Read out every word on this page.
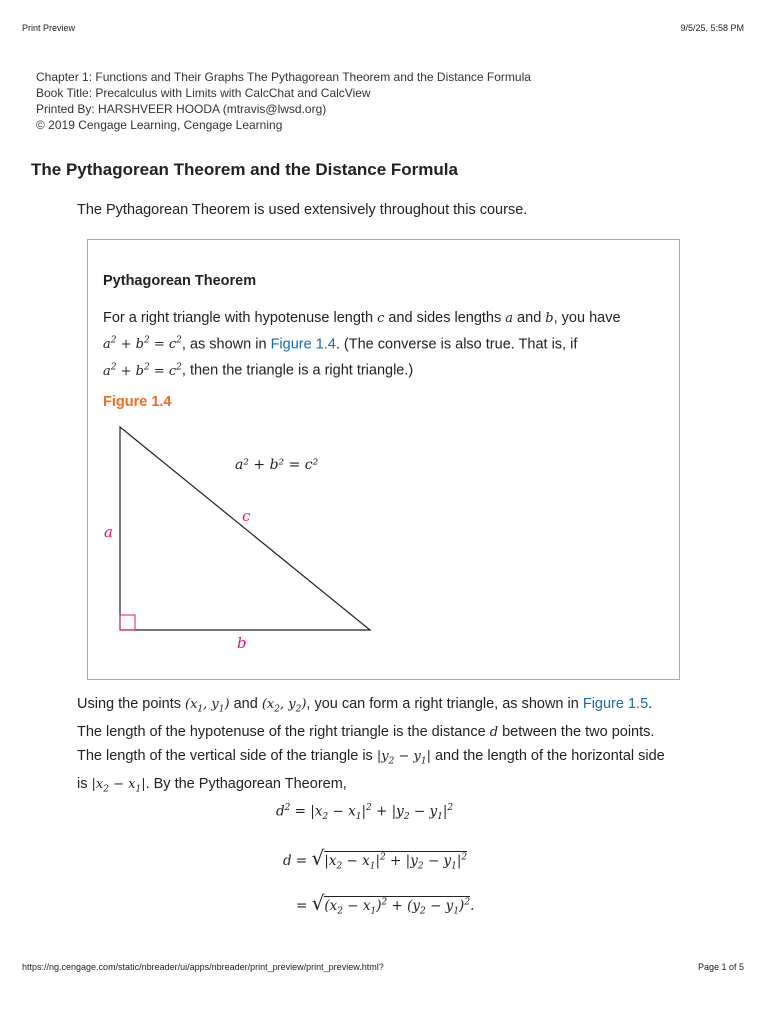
Print Preview	9/5/25, 5:58 PM
Chapter 1: Functions and Their Graphs The Pythagorean Theorem and the Distance Formula
Book Title: Precalculus with Limits with CalcChat and CalcView
Printed By: HARSHVEER HOODA (mtravis@lwsd.org)
© 2019 Cengage Learning, Cengage Learning
The Pythagorean Theorem and the Distance Formula
The Pythagorean Theorem is used extensively throughout this course.
Pythagorean Theorem
For a right triangle with hypotenuse length c and sides lengths a and b, you have
$a^2 + b^2 = c^2$, as shown in Figure 1.4. (The converse is also true. That is, if
$a^2 + b^2 = c^2$, then the triangle is a right triangle.)
Figure 1.4
a² + b² = c²
c
a
b
Using the points ($x_1$, $y_1$) and ($x_2$, $y_2$), you can form a right triangle, as shown in Figure 1.5.
The length of the hypotenuse of the right triangle is the distance d between the two points.
The length of the vertical side of the triangle is $|y_2 - y_1|$ and the length of the horizontal side
is $|x_2 - x_1|$. By the Pythagorean Theorem,
$d^2 = |x_2 - x_1|^2 + |y_2 - y_1|^2$
$d = √|x_2 - x_1|^2 + |y_2 - y_1|^2$
= $√(x_2 - x_1)^2 + (y_2 - y_1)^2$.
https://ng.cengage.com/static/nbreader/ui/apps/nbreader/print_preview/print_preview.html?	Page 1 of 5
